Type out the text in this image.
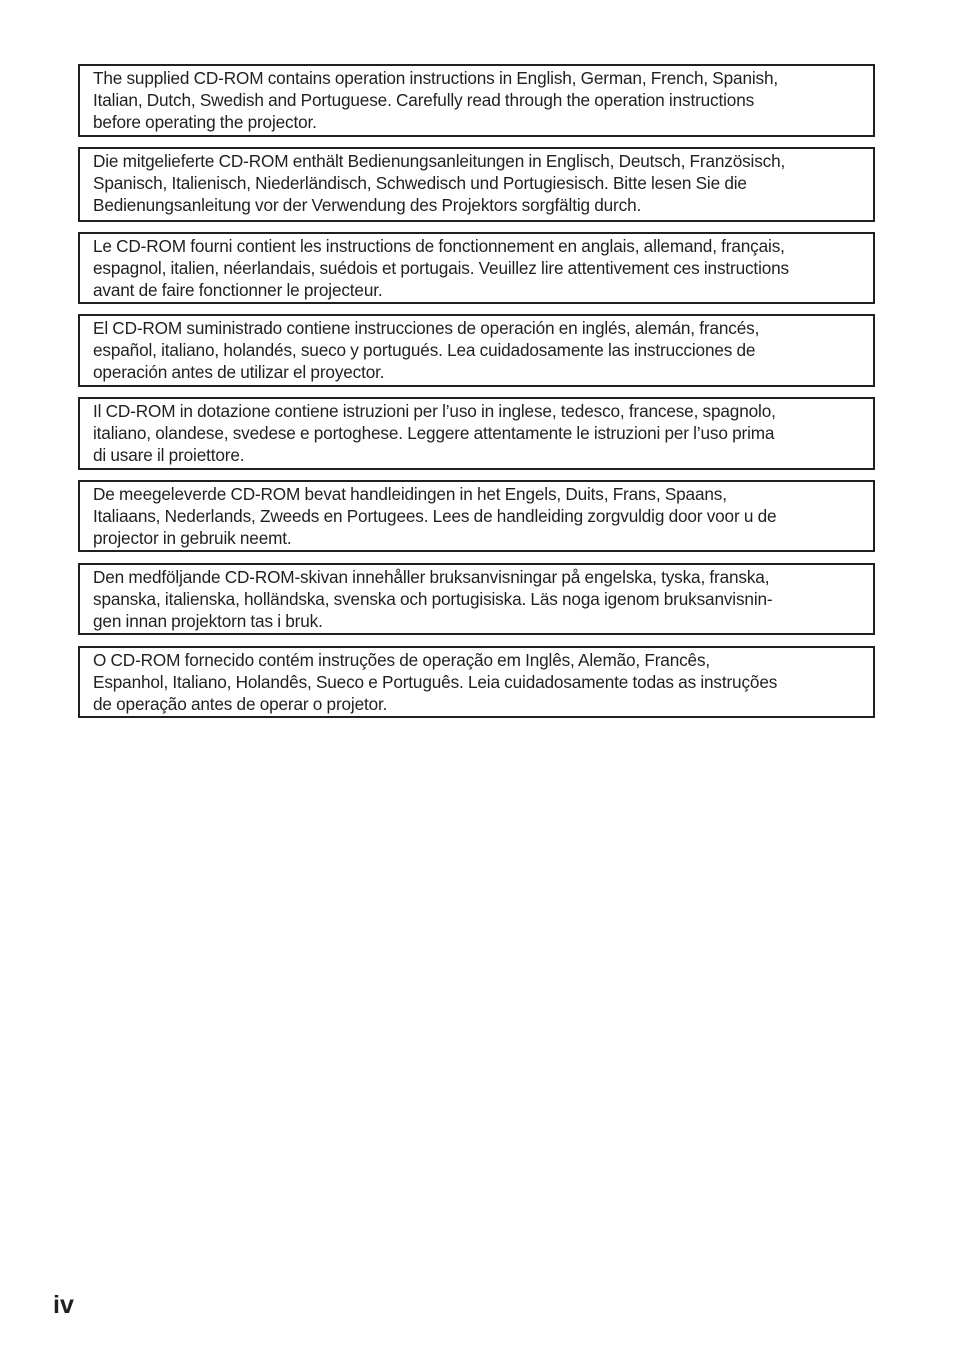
The supplied CD-ROM contains operation instructions in English, German, French, Spanish,
Italian, Dutch, Swedish and Portuguese. Carefully read through the operation instructions
before operating the projector.
Die mitgelieferte CD-ROM enthält Bedienungsanleitungen in Englisch, Deutsch, Französisch,
Spanisch, Italienisch, Niederländisch, Schwedisch und Portugiesisch. Bitte lesen Sie die
Bedienungsanleitung vor der Verwendung des Projektors sorgfältig durch.
Le CD-ROM fourni contient les instructions de fonctionnement en anglais, allemand, français,
espagnol, italien, néerlandais, suédois et portugais. Veuillez lire attentivement ces instructions
avant de faire fonctionner le projecteur.
El CD-ROM suministrado contiene instrucciones de operación en inglés, alemán, francés,
español, italiano, holandés, sueco y portugués. Lea cuidadosamente las instrucciones de
operación antes de utilizar el proyector.
Il CD-ROM in dotazione contiene istruzioni per l’uso in inglese, tedesco, francese, spagnolo,
italiano, olandese, svedese e portoghese. Leggere attentamente le istruzioni per l’uso prima
di usare il proiettore.
De meegeleverde CD-ROM bevat handleidingen in het Engels, Duits, Frans, Spaans,
Italiaans, Nederlands, Zweeds en Portugees. Lees de handleiding zorgvuldig door voor u de
projector in gebruik neemt.
Den medföljande CD-ROM-skivan innehåller bruksanvisningar på engelska, tyska, franska,
spanska, italienska, holländska, svenska och portugisiska. Läs noga igenom bruksanvisnin-
gen innan projektorn tas i bruk.
O CD-ROM fornecido contém instruções de operação em Inglês, Alemão, Francês,
Espanhol, Italiano, Holandês, Sueco e Português. Leia cuidadosamente todas as instruções
de operação antes de operar o projetor.
iv
